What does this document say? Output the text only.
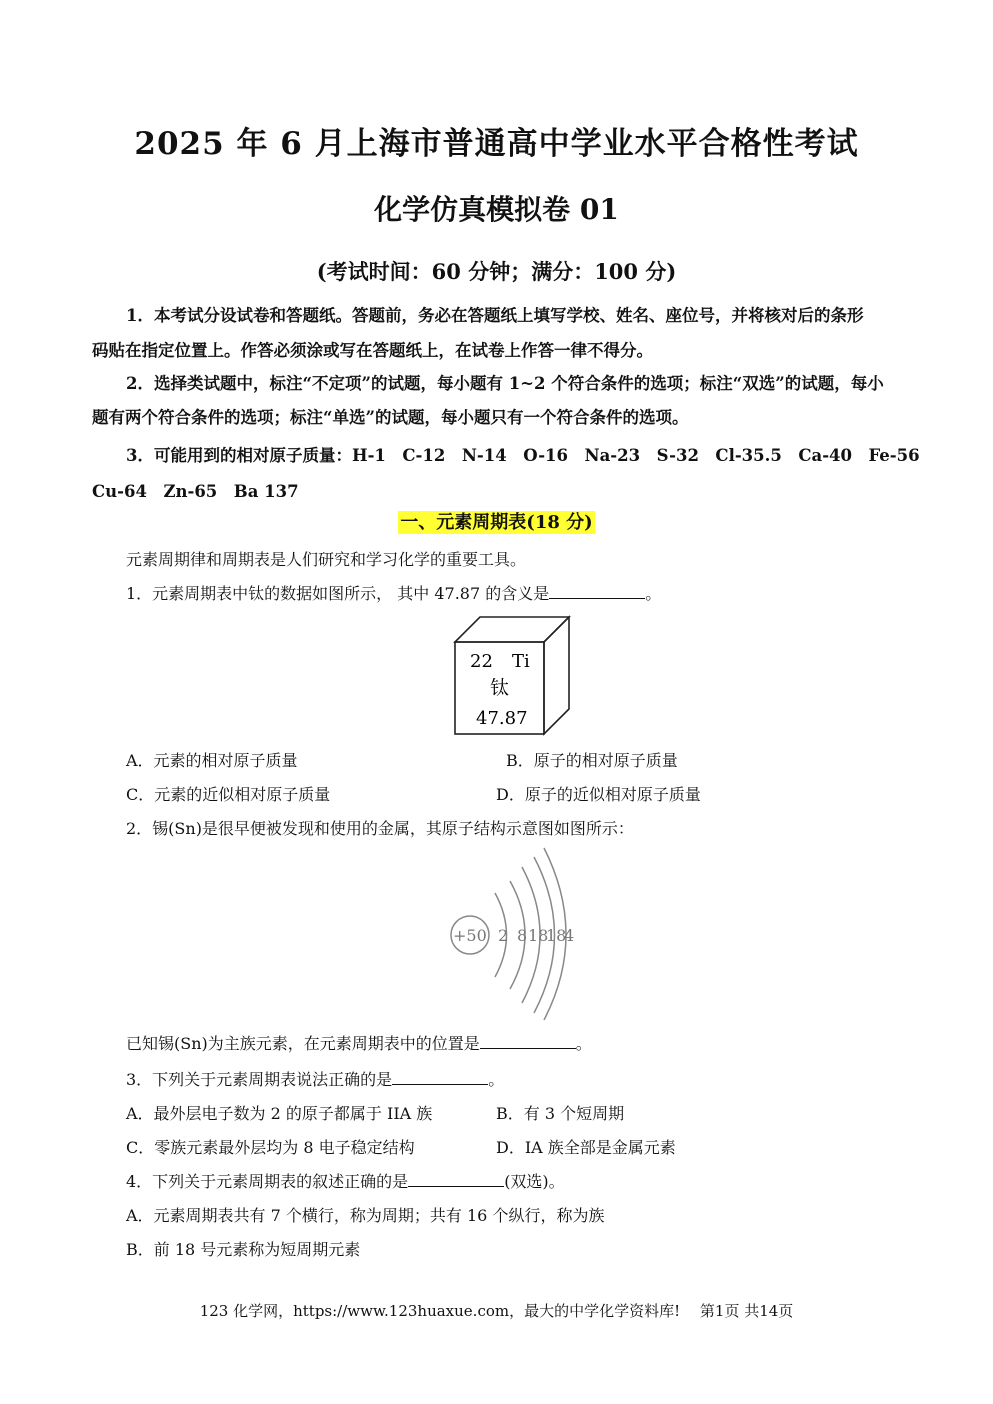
2025 年 6 月上海市普通高中学业水平合格性考试
化学仿真模拟卷 01
(考试时间：60 分钟；满分：100 分)
1．本考试分设试卷和答题纸。答题前，务必在答题纸上填写学校、姓名、座位号，并将核对后的条形
码贴在指定位置上。作答必须涂或写在答题纸上，在试卷上作答一律不得分。
2．选择类试题中，标注“不定项”的试题，每小题有 1~2 个符合条件的选项；标注“双选”的试题，每小
题有两个符合条件的选项；标注“单选”的试题，每小题只有一个符合条件的选项。
3．可能用到的相对原子质量：H-1　C-12　N-14　O-16　Na-23　S-32　Cl-35.5　Ca-40　Fe-56
Cu-64　Zn-65　Ba 137
一、元素周期表(18 分)
元素周期律和周期表是人们研究和学习化学的重要工具。
1．元素周期表中钛的数据如图所示， 其中 47.87 的含义是	。
22 Ti
钛
47.87
A．元素的相对原子质量	B．原子的相对原子质量
C．元素的近似相对原子质量	D．原子的近似相对原子质量
2．锡(Sn)是很早便被发现和使用的金属，其原子结构示意图如图所示：
+50 2 8 18
18
4
已知锡(Sn)为主族元素，在元素周期表中的位置是	。
3．下列关于元素周期表说法正确的是	。
A．最外层电子数为 2 的原子都属于 IIA 族	B．有 3 个短周期
C．零族元素最外层均为 8 电子稳定结构	D．IA 族全部是金属元素
4．下列关于元素周期表的叙述正确的是	(双选)。
A．元素周期表共有 7 个横行，称为周期；共有 16 个纵行，称为族
B．前 18 号元素称为短周期元素
123 化学网，https://www.123huaxue.com，最大的中学化学资料库!　 第1页 共14页
